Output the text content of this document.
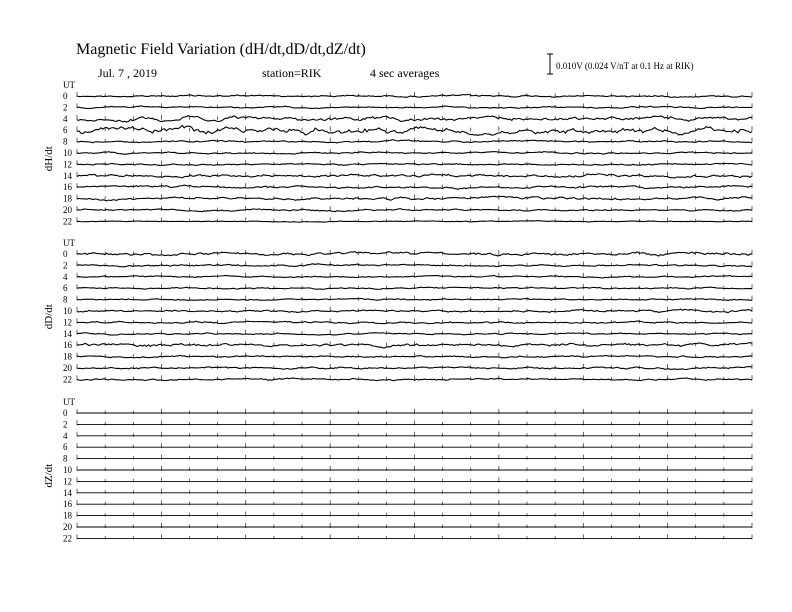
Magnetic Field Variation (dH/dt,dD/dt,dZ/dt)
Jul. 7 , 2019	station=RIK	4 sec averages	0.010V (0.024 V/nT at 0.1 Hz at RIK)
UT
dH/dt
0
2
4
6
8
10
12
14
16
18
20
22
UT
dD/dt
0
2
4
6
8
10
12
14
16
18
20
22
UT
dZ/dt
0
2
4
6
8
10
12
14
16
18
20
22
